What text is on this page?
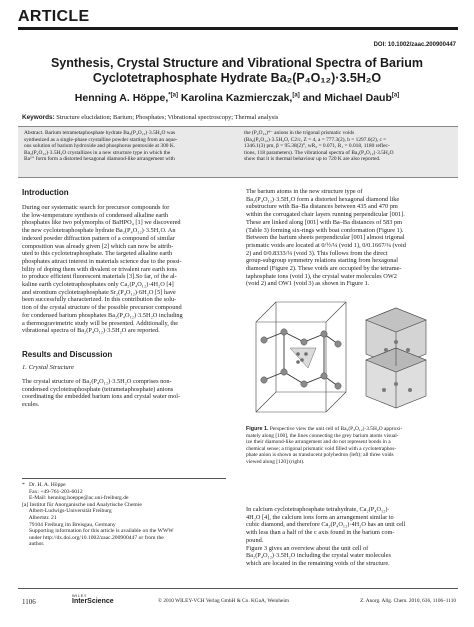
ARTICLE
DOI: 10.1002/zaac.200900447
Synthesis, Crystal Structure and Vibrational Spectra of Barium
Cyclotetraphosphate Hydrate Ba₂(P₄O₁₂)·3.5H₂O
Henning A. Höppe,$^{*[a]}$ Karolina Kazmierczak,[a] and Michael Daub[a]
Keywords: Structure elucidation; Barium; Phosphates; Vibrational spectroscopy; Thermal analysis
Abstract. Barium tetrametaphosphate hydrate Ba₂(P₄O₁₂)·3.5H₂O was
synthesized as a single-phase crystalline powder starting from an aque-
ous solution of barium hydroxide and phosphorus pentoxide at 300 K.
Ba₂(P₄O₁₂)·3.5H₂O crystallizes in a new structure type in which the
Ba²⁺ form form a distorted hexagonal diamond-like arrangement with
the (P₄O₁₂)⁴⁻ anions in the trigonal prismatic voids
(Ba₂(P₄O₁₂)·3.5H₂O, C2/c, Z = 4, a = 777.3(2), b = 1297.6(2), c =
1346.1(3) pm, β = 95.38(2)°, wR₂ = 0.071, R₁ = 0.018, 1180 reflec-
tions, 118 parameters). The vibrational spectra of Ba₂(P₄O₁₂)·3.5H₂O
show that it is thermal behaviour up to 720 K are also reported.
Introduction
During our systematic search for precursor compounds for
the low-temperature synthesis of condensed alkaline earth
phosphates like two polymorphs of BaHPO₄ [1] we discovered
the new cyclotetraphosphate hydrate Ba₂(P₄O₁₂)·3.5H₂O. An
indexed powder diffraction pattern of a compound of similar
composition was already given [2] which can now be attrib-
uted to this cyclotetraphosphate. The targeted alkaline earth
phosphates attract interest in materials science due to the possi-
bility of doping them with divalent or trivalent rare earth ions
to produce efficient fluorescent materials [3].So far, of the al-
kaline earth cyclotetraphosphates only Ca₂(P₄O₁₂)·4H₂O [4]
and strontium cyclotetraphosphate Sr₂(P₄O₁₂)·6H₂O [5] have
been successfully characterized. In this contribution the solu-
tion of the crystal structure of the possible precursor compound
for condensed barium phosphates Ba₂(P₄O₁₂)·3.5H₂O including
a thermogravimetric study will be presented. Additionally, the
vibrational spectra of Ba₂(P₄O₁₂)·3.5H₂O are reported.
Results and Discussion
1. Crystal Structure
The crystal structure of Ba₂(P₄O₁₂)·3.5H₂O comprises non-
condensed cyclotetraphosphate (tetrametaphosphate) anions
coordinating the embedded barium ions and crystal water mol-
ecules.
*   Dr. H. A. Höppe
Fax: +49-761-203-6012
E-Mail: henning.hoeppe@ac.uni-freiburg.de
[a] Institut für Anorganische und Analytische Chemie
Albert-Ludwigs-Universität Freiburg
Albertstr. 21
79104 Freiburg im Breisgau, Germany
Supporting information for this article is available on the WWW
under http://dx.doi.org/10.1002/zaac.200900447 or from the
author.
The barium atoms in the new structure type of
Ba₂(P₄O₁₂)·3.5H₂O form a distorted hexagonal diamond like
substructure with Ba–Ba distances between 435 and 470 pm
within the corrugated chair layers running perpendicular [001].
These are linked along [001] with Ba–Ba distances of 583 pm
(Table 3) forming six-rings with boat conformation (Figure 1).
Between the barium sheets perpendicular [001] almost trigonal
prismatic voids are located at 0/½/¼ (void 1), 0/0.1667/¼ (void
2) and 0/0.8333/¼ (void 3). This follows from the direct
group-subgroup symmetry relations starting from hexagonal
diamond (Figure 2). These voids are occupied by the tetrame-
taphosphate ions (void 1), the crystal water molecules OW2
(void 2) and OW1 (void 3) as shown in Figure 1.
Figure 1. Perspective view the unit cell of Ba₂(P₄O₁₂)·3.5H₂O approxi-
mately along [100], the lines connecting the grey barium atoms visual-
ize their diamond-like arrangement and do not represent bonds in a
chemical sense; a trigonal prismatic void filled with a cyclotetraphos-
phate anion is shown as translucent polyhedron (left); all three voids
viewed along [120] (right).
In calcium cyclotetraphosphate tetrahydrate, Ca₂(P₄O₁₂)·
4H₂O [4], the calcium ions form an arrangement similar to
cubic diamond, and therefore Ca₂(P₄O₁₂)·4H₂O has an unit cell
with less than a half of the c axis found in the barium com-
pound.
Figure 3 gives an overview about the unit cell of
Ba₂(P₄O₁₂)·3.5H₂O including the crystal water molecules
which are located in the remaining voids of the structure.
1106
WILEY
InterScience	© 2010 WILEY-VCH Verlag GmbH & Co. KGaA, Weinheim	Z. Anorg. Allg. Chem. 2010, 636, 1106–1110
